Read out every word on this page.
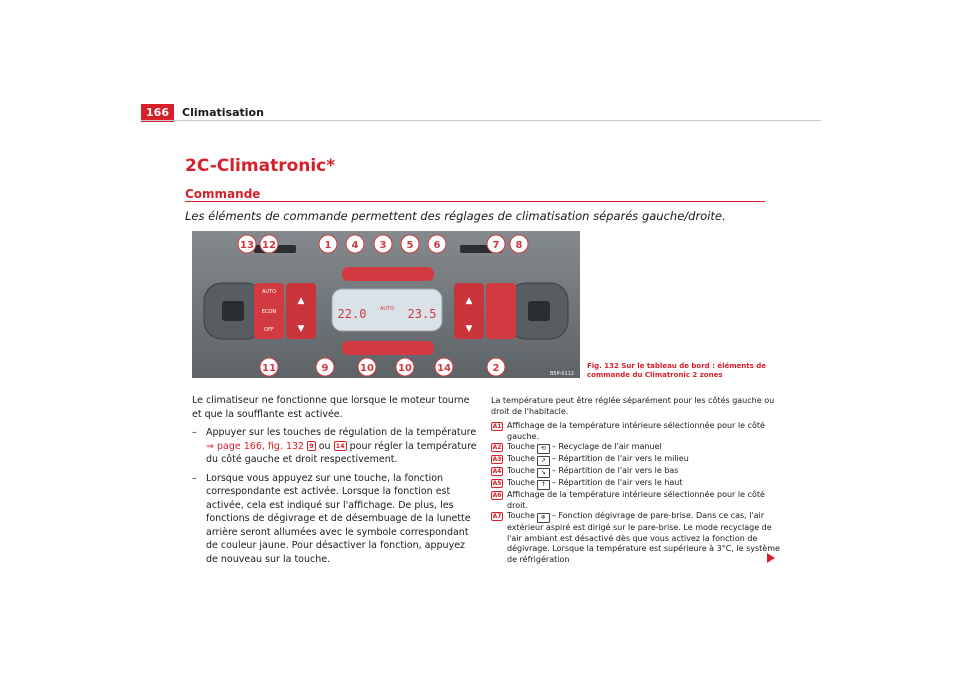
166	Climatisation
2C-Climatronic*
Commande
Les éléments de commande permettent des réglages de climatisation séparés gauche/droite.
AUTO
ECON
OFF
▲
▼
22.0	23.5
AUTO
▲
▼
B5P-0112
13 12	1 4 3 5 6	7 8
11	9	10 10	14	2	Fig. 132 Sur le tableau de bord : éléments de commande du Climatronic 2 zones

Le climatiseur ne fonctionne que lorsque le moteur tourne et que la soufflante est activée.

– Appuyer sur les touches de régulation de la température
⇒ page 166, fig. 132 9 ou 14 pour régler la température du côté gauche et droit respectivement.
– Lorsque vous appuyez sur une touche, la fonction correspondante est activée. Lorsque la fonction est activée, cela est indiqué sur l'affichage. De plus, les fonctions de dégivrage et de désembuage de la lunette arrière seront allumées avec le symbole correspondant de couleur jaune. Pour désactiver la fonction, appuyez de nouveau sur la touche.

La température peut être réglée séparément pour les côtés gauche ou droit de l'habitacle.

A1 Affichage de la température intérieure sélectionnée pour le côté gauche.
A2 Touche ⟲ – Recyclage de l'air manuel
A3 Touche ↗ – Répartition de l'air vers le milieu
A4 Touche ↘ – Répartition de l'air vers le bas
A5 Touche ↑ – Répartition de l'air vers le haut
A6 Affichage de la température intérieure sélectionnée pour le côté droit.
A7 Touche ❄ – Fonction dégivrage de pare-brise. Dans ce cas, l'air extérieur aspiré est dirigé sur le pare-brise. Le mode recyclage de l'air ambiant est désactivé dès que vous activez la fonction de dégivrage. Lorsque la température est supérieure à 3°C, le système de réfrigération
